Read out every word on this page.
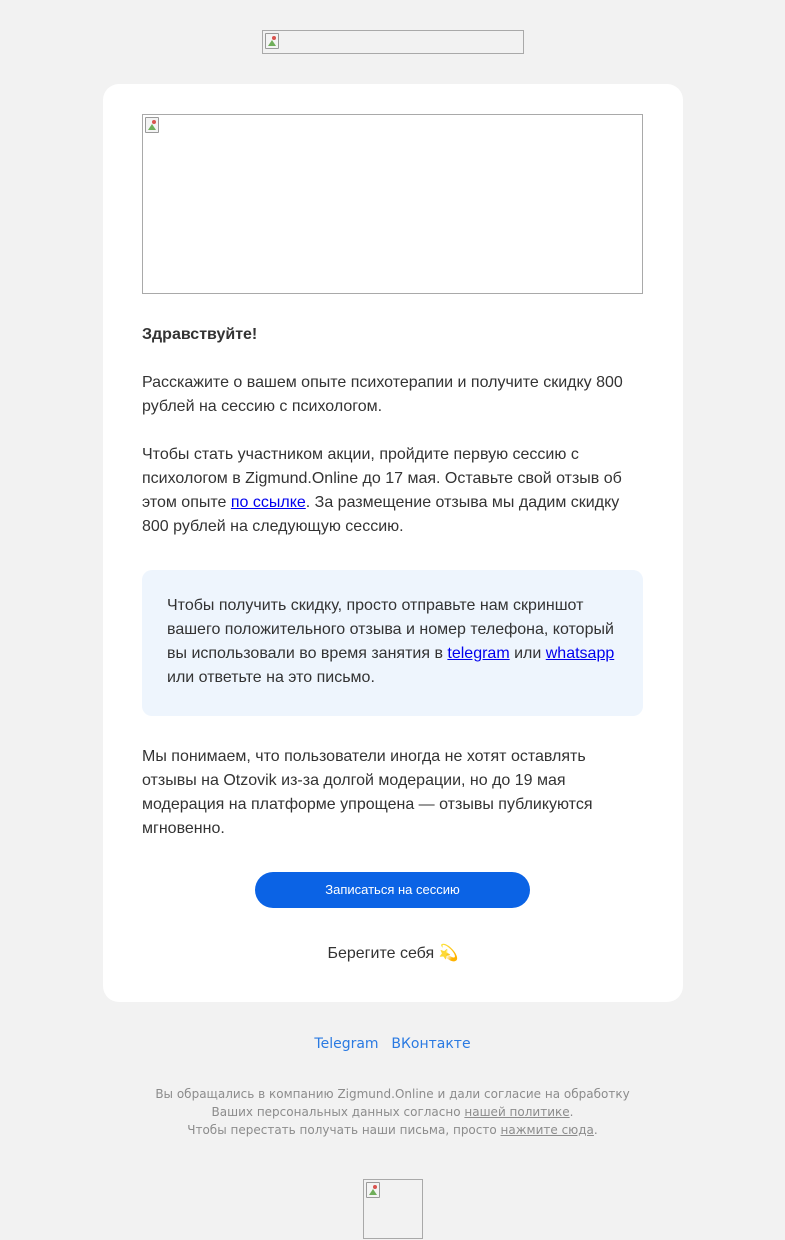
Здравствуйте!

Расскажите о вашем опыте психотерапии и получите скидку 800 рублей на сессию с психологом.

Чтобы стать участником акции, пройдите первую сессию с психологом в Zigmund.Online до 17 мая. Оставьте свой отзыв об этом опыте по ссылке. За размещение отзыва мы дадим скидку 800 рублей на следующую сессию.

Чтобы получить скидку, просто отправьте нам скриншот вашего положительного отзыва и номер телефона, который вы использовали во время занятия в telegram или whatsapp или ответьте на это письмо.

Мы понимаем, что пользователи иногда не хотят оставлять отзывы на Otzovik из-за долгой модерации, но до 19 мая модерация на платформе упрощена — отзывы публикуются мгновенно.

Записаться на сессию
Берегите себя 💫
Telegram ВКонтакте
Вы обращались в компанию Zigmund.Online и дали согласие на обработку Ваших персональных данных согласно нашей политике.
Чтобы перестать получать наши письма, просто нажмите сюда.
